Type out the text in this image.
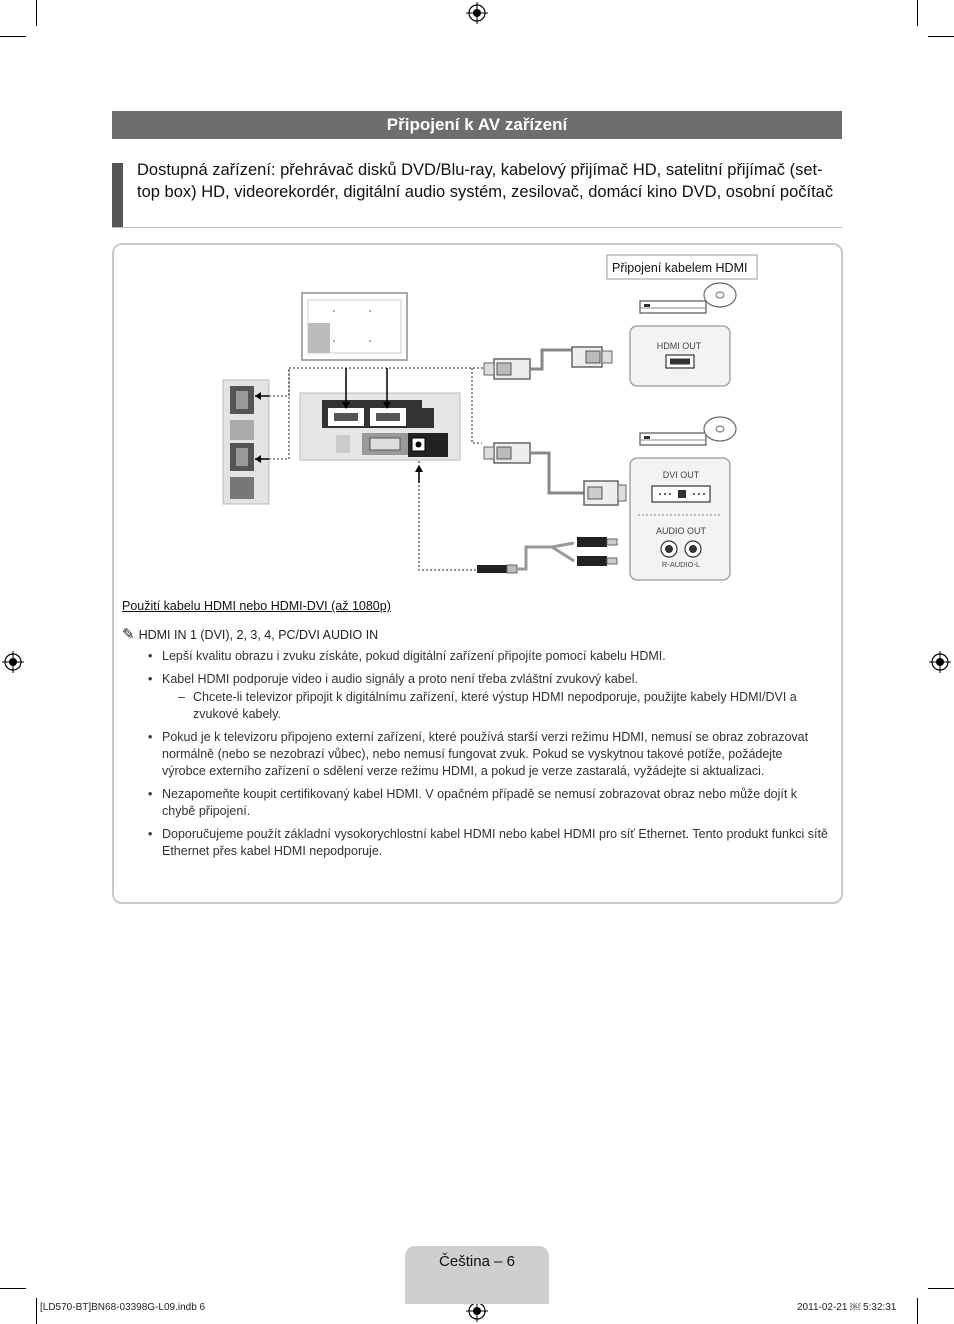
Připojení k AV zařízení
Dostupná zařízení: přehrávač disků DVD/Blu-ray, kabelový přijímač HD, satelitní přijímač (set-top box) HD, videorekordér, digitální audio systém, zesilovač, domácí kino DVD, osobní počítač
Připojení kabelem HDMI
HDMI OUT
DVI OUT
AUDIO OUT
R-AUDIO-L
Použití kabelu HDMI nebo HDMI-DVI (až 1080p)
✎ HDMI IN 1 (DVI), 2, 3, 4, PC/DVI AUDIO IN
• Lepší kvalitu obrazu i zvuku získáte, pokud digitální zařízení připojíte pomocí kabelu HDMI.
• Kabel HDMI podporuje video i audio signály a proto není třeba zvláštní zvukový kabel.
– Chcete-li televizor připojit k digitálnímu zařízení, které výstup HDMI nepodporuje, použijte kabely HDMI/DVI a zvukové kabely.
• Pokud je k televizoru připojeno externí zařízení, které používá starší verzi režimu HDMI, nemusí se obraz zobrazovat normálně (nebo se nezobrazí vůbec), nebo nemusí fungovat zvuk. Pokud se vyskytnou takové potíže, požádejte výrobce externího zařízení o sdělení verze režimu HDMI, a pokud je verze zastaralá, vyžádejte si aktualizaci.
• Nezapomeňte koupit certifikovaný kabel HDMI. V opačném případě se nemusí zobrazovat obraz nebo může dojít k chybě připojení.
• Doporučujeme použít základní vysokorychlostní kabel HDMI nebo kabel HDMI pro síť Ethernet. Tento produkt funkci sítě Ethernet přes kabel HDMI nepodporuje.
Čeština – 6
[LD570-BT]BN68-03398G-L09.indb 6	2011-02-21 ￼ 5:32:31
